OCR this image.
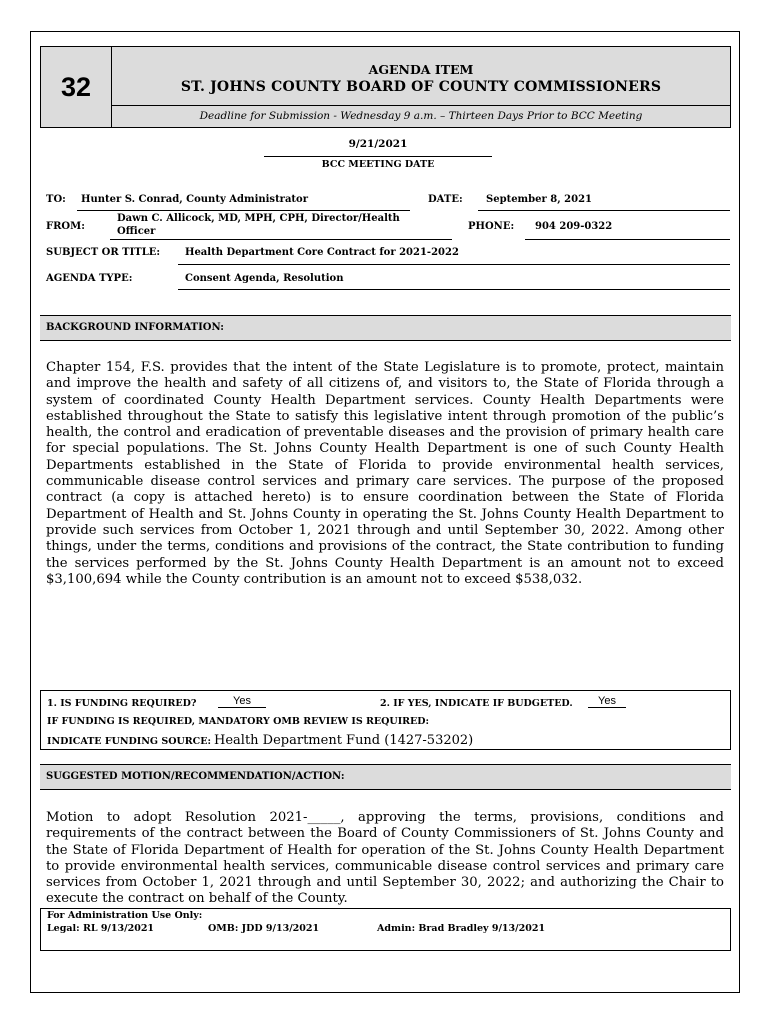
32
AGENDA ITEM
ST. JOHNS COUNTY BOARD OF COUNTY COMMISSIONERS
Deadline for Submission - Wednesday 9 a.m. – Thirteen Days Prior to BCC Meeting
9/21/2021
BCC MEETING DATE
TO: Hunter S. Conrad, County Administrator	DATE: September 8, 2021
FROM:
Dawn C. Allicock, MD, MPH, CPH, Director/Health
Officer	PHONE: 904 209-0322
SUBJECT OR TITLE: Health Department Core Contract for 2021-2022
AGENDA TYPE:	Consent Agenda, Resolution
BACKGROUND INFORMATION:
Chapter 154, F.S. provides that the intent of the State Legislature is to promote, protect, maintain and improve the health and safety of all citizens of, and visitors to, the State of Florida through a system of coordinated County Health Department services. County Health Departments were established throughout the State to satisfy this legislative intent through promotion of the public’s health, the control and eradication of preventable diseases and the provision of primary health care for special populations. The St. Johns County Health Department is one of such County Health Departments established in the State of Florida to provide environmental health services, communicable disease control services and primary care services. The purpose of the proposed contract (a copy is attached hereto) is to ensure coordination between the State of Florida Department of Health and St. Johns County in operating the St. Johns County Health Department to provide such services from October 1, 2021 through and until September 30, 2022. Among other things, under the terms, conditions and provisions of the contract, the State contribution to funding the services performed by the St. Johns County Health Department is an amount not to exceed $3,100,694 while the County contribution is an amount not to exceed $538,032.
1. IS FUNDING REQUIRED?	Yes	2. IF YES, INDICATE IF BUDGETED.	Yes
IF FUNDING IS REQUIRED, MANDATORY OMB REVIEW IS REQUIRED:
INDICATE FUNDING SOURCE: Health Department Fund (1427-53202)
SUGGESTED MOTION/RECOMMENDATION/ACTION:
Motion to adopt Resolution 2021-_____, approving the terms, provisions, conditions and requirements of the contract between the Board of County Commissioners of St. Johns County and the State of Florida Department of Health for operation of the St. Johns County Health Department to provide environmental health services, communicable disease control services and primary care services from October 1, 2021 through and until September 30, 2022; and authorizing the Chair to execute the contract on behalf of the County.
For Administration Use Only:
Legal: RL 9/13/2021	OMB: JDD 9/13/2021	Admin: Brad Bradley 9/13/2021
